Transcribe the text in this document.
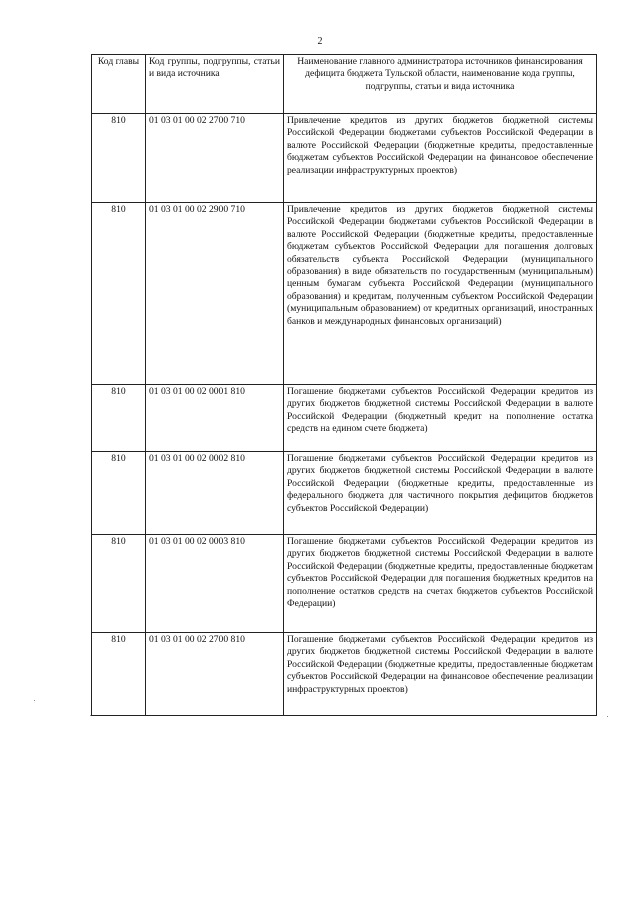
2
Код главы	Код группы, подгруппы, статьи и вида источника	Наименование главного администратора источников финансирования дефицита бюджета Тульской области, наименование кода группы, подгруппы, статьи и вида источника
810	01 03 01 00 02 2700 710	Привлечение кредитов из других бюджетов бюджетной системы Российской Федерации бюджетами субъектов Российской Федерации в валюте Российской Федерации (бюджетные кредиты, предоставленные бюджетам субъектов Российской Федерации на финансовое обеспечение реализации инфраструктурных проектов)
810	01 03 01 00 02 2900 710	Привлечение кредитов из других бюджетов бюджетной системы Российской Федерации бюджетами субъектов Российской Федерации в валюте Российской Федерации (бюджетные кредиты, предоставленные бюджетам субъектов Российской Федерации для погашения долговых обязательств субъекта Российской Федерации (муниципального образования) в виде обязательств по государственным (муниципальным) ценным бумагам субъекта Российской Федерации (муниципального образования) и кредитам, полученным субъектом Российской Федерации (муниципальным образованием) от кредитных организаций, иностранных банков и международных финансовых организаций)
810	01 03 01 00 02 0001 810	Погашение бюджетами субъектов Российской Федерации кредитов из других бюджетов бюджетной системы Российской Федерации в валюте Российской Федерации (бюджетный кредит на пополнение остатка средств на едином счете бюджета)
810	01 03 01 00 02 0002 810	Погашение бюджетами субъектов Российской Федерации кредитов из других бюджетов бюджетной системы Российской Федерации в валюте Российской Федерации (бюджетные кредиты, предоставленные из федерального бюджета для частичного покрытия дефицитов бюджетов субъектов Российской Федерации)
810	01 03 01 00 02 0003 810	Погашение бюджетами субъектов Российской Федерации кредитов из других бюджетов бюджетной системы Российской Федерации в валюте Российской Федерации (бюджетные кредиты, предоставленные бюджетам субъектов Российской Федерации для погашения бюджетных кредитов на пополнение остатков средств на счетах бюджетов субъектов Российской Федерации)
810	01 03 01 00 02 2700 810	Погашение бюджетами субъектов Российской Федерации кредитов из других бюджетов бюджетной системы Российской Федерации в валюте Российской Федерации (бюджетные кредиты, предоставленные бюджетам субъектов Российской Федерации на финансовое обеспечение реализации инфраструктурных проектов)
